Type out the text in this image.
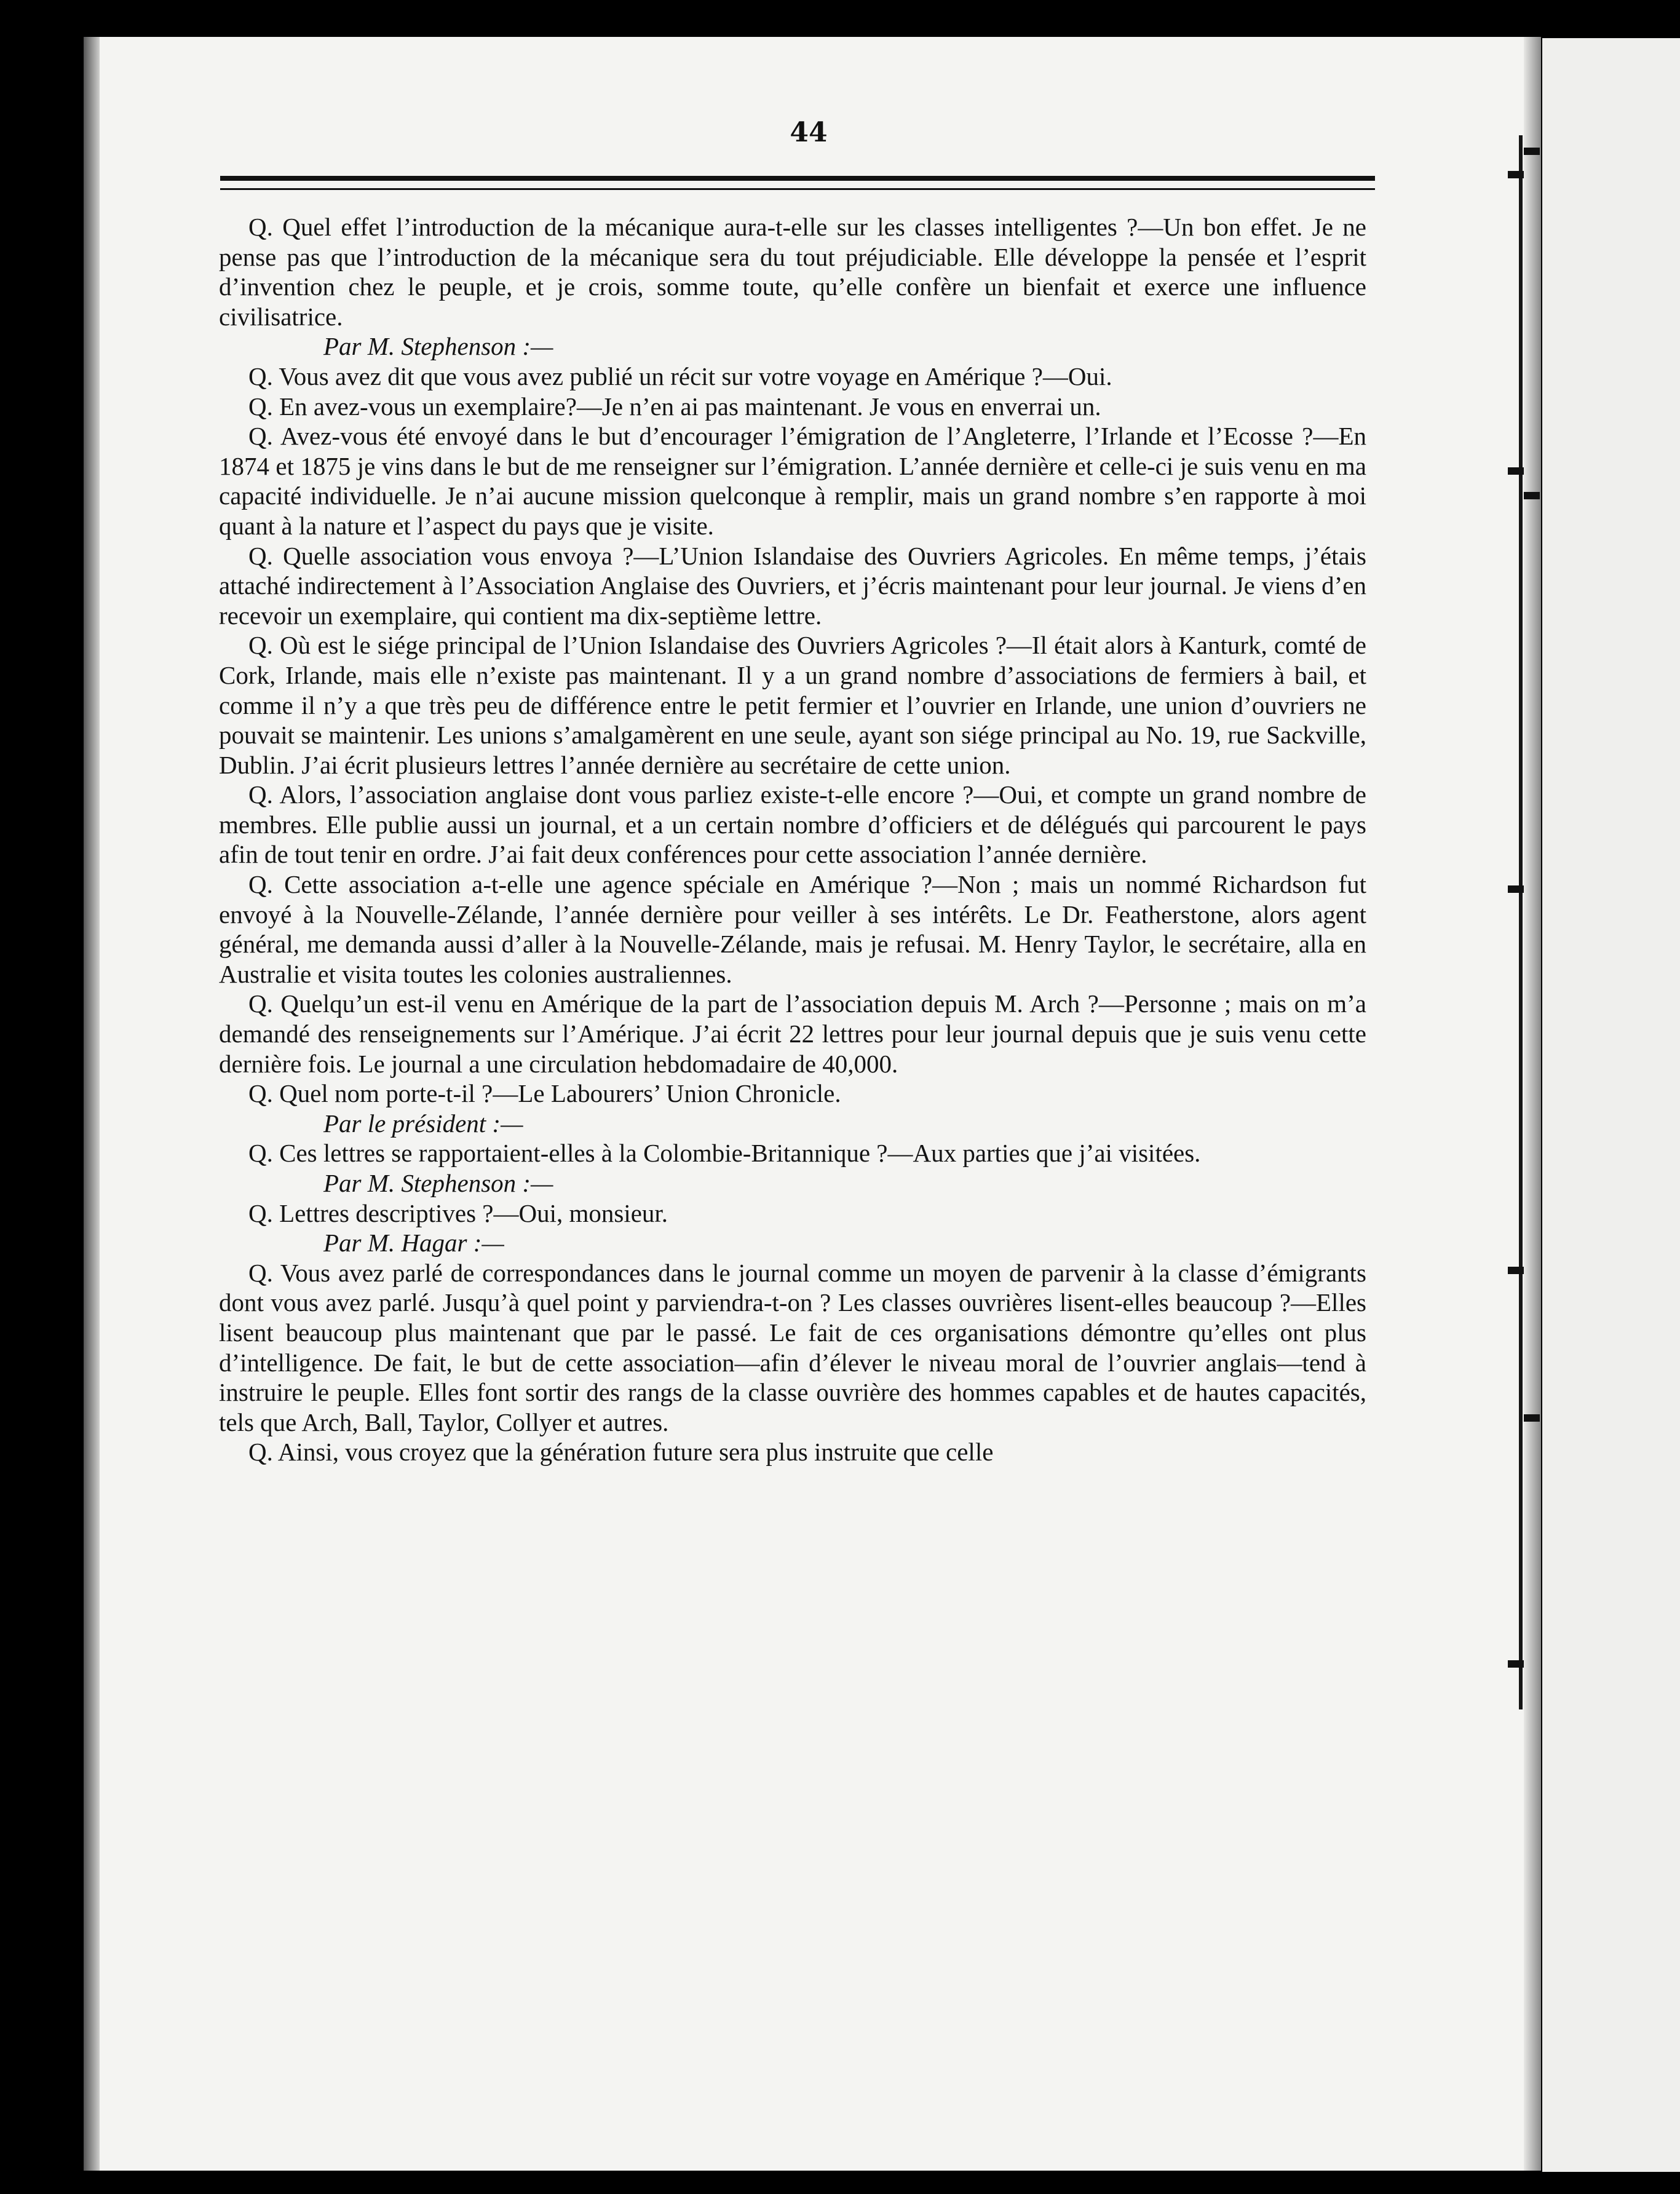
44

Q. Quel effet l’introduction de la mécanique aura-t-elle sur les classes intelligentes ?—Un bon effet. Je ne pense pas que l’introduction de la mécanique sera du tout préjudiciable. Elle développe la pensée et l’esprit d’invention chez le peuple, et je crois, somme toute, qu’elle confère un bienfait et exerce une influence civilisatrice.

Par M. Stephenson :—

Q. Vous avez dit que vous avez publié un récit sur votre voyage en Amérique ?—Oui.

Q. En avez-vous un exemplaire?—Je n’en ai pas maintenant. Je vous en enverrai un.

Q. Avez-vous été envoyé dans le but d’encourager l’émigration de l’Angleterre, l’Irlande et l’Ecosse ?—En 1874 et 1875 je vins dans le but de me renseigner sur l’émigration. L’année dernière et celle-ci je suis venu en ma capacité individuelle. Je n’ai aucune mission quelconque à remplir, mais un grand nombre s’en rapporte à moi quant à la nature et l’aspect du pays que je visite.

Q. Quelle association vous envoya ?—L’Union Islandaise des Ouvriers Agricoles. En même temps, j’étais attaché indirectement à l’Association Anglaise des Ouvriers, et j’écris maintenant pour leur journal. Je viens d’en recevoir un exemplaire, qui contient ma dix-septième lettre.

Q. Où est le siége principal de l’Union Islandaise des Ouvriers Agricoles ?—Il était alors à Kanturk, comté de Cork, Irlande, mais elle n’existe pas maintenant. Il y a un grand nombre d’associations de fermiers à bail, et comme il n’y a que très peu de différence entre le petit fermier et l’ouvrier en Irlande, une union d’ouvriers ne pouvait se maintenir. Les unions s’amalgamèrent en une seule, ayant son siége principal au No. 19, rue Sackville, Dublin. J’ai écrit plusieurs lettres l’année dernière au secrétaire de cette union.

Q. Alors, l’association anglaise dont vous parliez existe-t-elle encore ?—Oui, et compte un grand nombre de membres. Elle publie aussi un journal, et a un certain nombre d’officiers et de délégués qui parcourent le pays afin de tout tenir en ordre. J’ai fait deux conférences pour cette association l’année dernière.

Q. Cette association a-t-elle une agence spéciale en Amérique ?—Non ; mais un nommé Richardson fut envoyé à la Nouvelle-Zélande, l’année dernière pour veiller à ses intérêts. Le Dr. Featherstone, alors agent général, me demanda aussi d’aller à la Nouvelle-Zélande, mais je refusai. M. Henry Taylor, le secrétaire, alla en Australie et visita toutes les colonies australiennes.

Q. Quelqu’un est-il venu en Amérique de la part de l’association depuis M. Arch ?—Personne ; mais on m’a demandé des renseignements sur l’Amérique. J’ai écrit 22 lettres pour leur journal depuis que je suis venu cette dernière fois. Le journal a une circulation hebdomadaire de 40,000.

Q. Quel nom porte-t-il ?—Le Labourers’ Union Chronicle.

Par le président :—

Q. Ces lettres se rapportaient-elles à la Colombie-Britannique ?—Aux parties que j’ai visitées.

Par M. Stephenson :—

Q. Lettres descriptives ?—Oui, monsieur.

Par M. Hagar :—

Q. Vous avez parlé de correspondances dans le journal comme un moyen de parvenir à la classe d’émigrants dont vous avez parlé. Jusqu’à quel point y parviendra-t-on ? Les classes ouvrières lisent-elles beaucoup ?—Elles lisent beaucoup plus maintenant que par le passé. Le fait de ces organisations démontre qu’elles ont plus d’intelligence. De fait, le but de cette association—afin d’élever le niveau moral de l’ouvrier anglais—tend à instruire le peuple. Elles font sortir des rangs de la classe ouvrière des hommes capables et de hautes capacités, tels que Arch, Ball, Taylor, Collyer et autres.

Q. Ainsi, vous croyez que la génération future sera plus instruite que celle
